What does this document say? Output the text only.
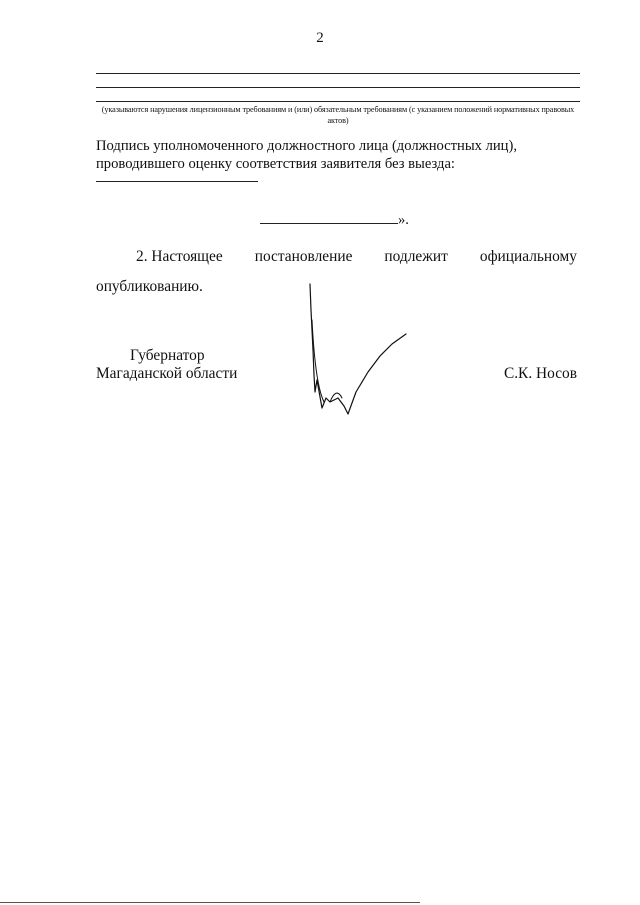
2
(указываются нарушения лицензионным требованиям и (или) обязательным требованиям (с указанием положений нормативных правовых актов)
Подпись уполномоченного должностного лица (должностных лиц), проводившего оценку соответствия заявителя без выезда:
».
2. Настоящее постановление подлежит официальному
опубликованию.
Губернатор
Магаданской области	С.К. Носов
